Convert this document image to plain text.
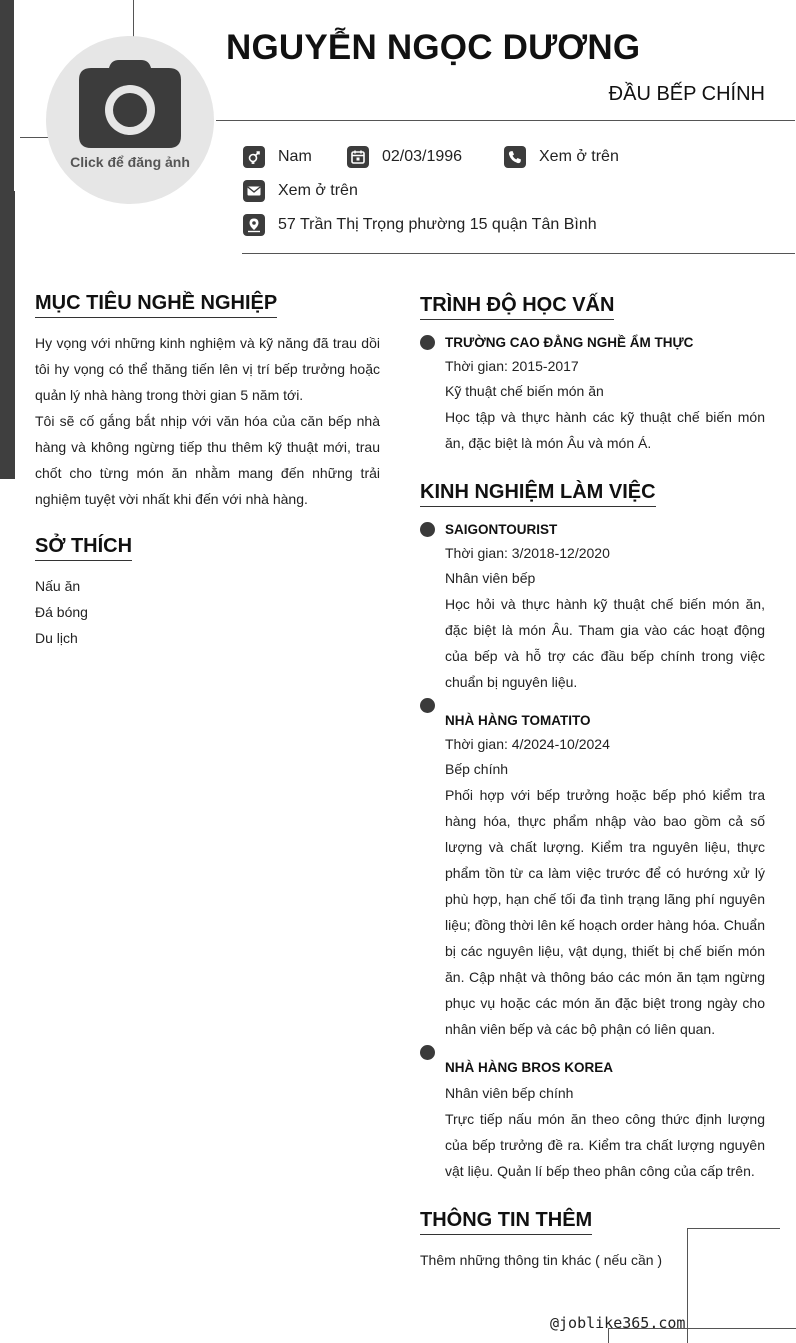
Click để đăng ảnh
NGUYỄN NGỌC DƯƠNG
ĐẦU BẾP CHÍNH
Nam	02/03/1996	Xem ở trên
Xem ở trên
57 Trần Thị Trọng phường 15 quận Tân Bình
MỤC TIÊU NGHỀ NGHIỆP
Hy vọng với những kinh nghiệm và kỹ năng đã trau dồi tôi hy vọng có thể thăng tiến lên vị trí bếp trưởng hoặc quản lý nhà hàng trong thời gian 5 năm tới.
Tôi sẽ cố gắng bắt nhịp với văn hóa của căn bếp nhà hàng và không ngừng tiếp thu thêm kỹ thuật mới, trau chốt cho từng món ăn nhằm mang đến những trải nghiệm tuyệt vời nhất khi đến với nhà hàng.
SỞ THÍCH
Nấu ăn
Đá bóng
Du lịch
TRÌNH ĐỘ HỌC VẤN
TRƯỜNG CAO ĐẲNG NGHỀ ẨM THỰC
Thời gian: 2015-2017
Kỹ thuật chế biến món ăn
Học tập và thực hành các kỹ thuật chế biến món ăn, đặc biệt là món Âu và món Á.
KINH NGHIỆM LÀM VIỆC
SAIGONTOURIST
Thời gian: 3/2018-12/2020
Nhân viên bếp
Học hỏi và thực hành kỹ thuật chế biến món ăn, đặc biệt là món Âu. Tham gia vào các hoạt động của bếp và hỗ trợ các đầu bếp chính trong việc chuẩn bị nguyên liệu.
NHÀ HÀNG TOMATITO
Thời gian: 4/2024-10/2024
Bếp chính
Phối hợp với bếp trưởng hoặc bếp phó kiểm tra hàng hóa, thực phẩm nhập vào bao gồm cả số lượng và chất lượng. Kiểm tra nguyên liệu, thực phẩm tồn từ ca làm việc trước để có hướng xử lý phù hợp, hạn chế tối đa tình trạng lãng phí nguyên liệu; đồng thời lên kế hoạch order hàng hóa. Chuẩn bị các nguyên liệu, vật dụng, thiết bị chế biến món ăn. Cập nhật và thông báo các món ăn tạm ngừng phục vụ hoặc các món ăn đặc biệt trong ngày cho nhân viên bếp và các bộ phận có liên quan.
NHÀ HÀNG BROS KOREA
Nhân viên bếp chính
Trực tiếp nấu món ăn theo công thức định lượng của bếp trưởng đề ra. Kiểm tra chất lượng nguyên vật liệu. Quản lí bếp theo phân công của cấp trên.
THÔNG TIN THÊM
Thêm những thông tin khác ( nếu cần )
@joblike365.com
